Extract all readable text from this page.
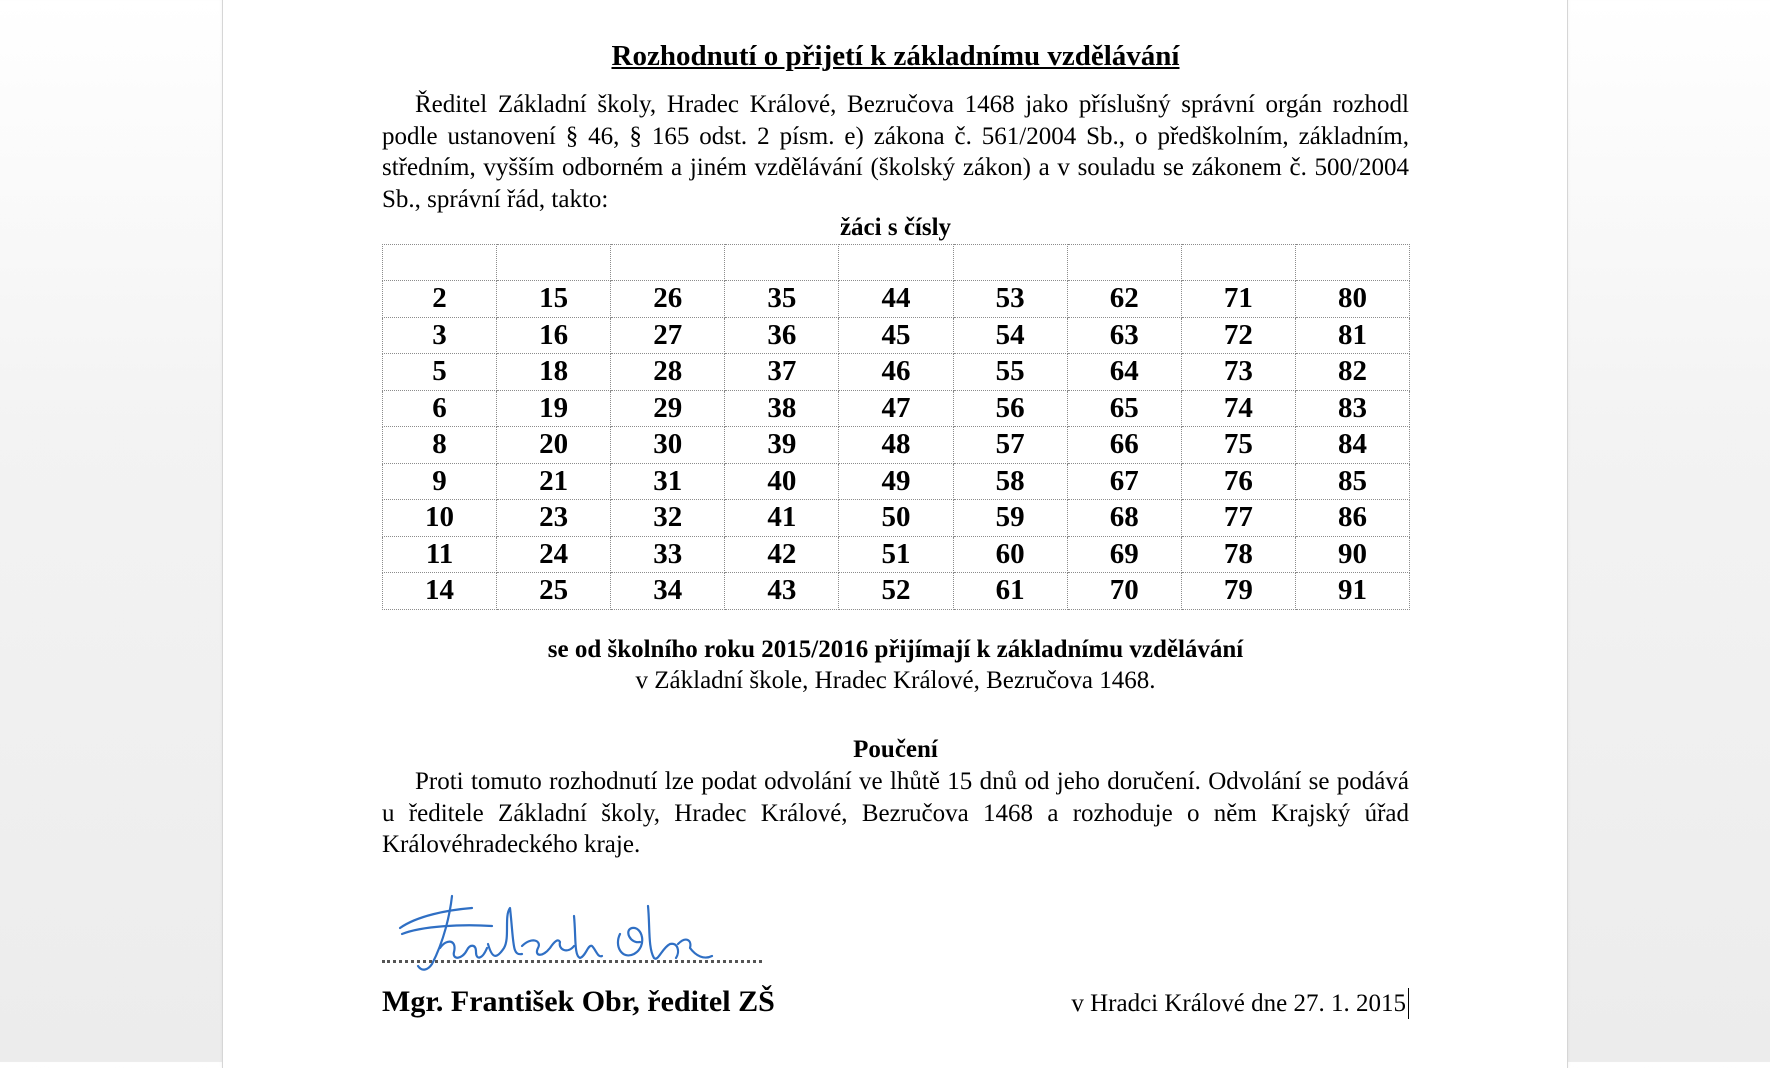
Rozhodnutí o přijetí k základnímu vzdělávání

Ředitel Základní školy, Hradec Králové, Bezručova 1468 jako příslušný správní orgán rozhodl podle ustanovení § 46, § 165 odst. 2 písm. e) zákona č. 561/2004 Sb., o předškolním, základním, středním, vyšším odborném a jiném vzdělávání (školský zákon) a v souladu se zákonem č. 500/2004 Sb., správní řád, takto:

žáci s čísly

2	15	26	35	44	53	62	71	80
3	16	27	36	45	54	63	72	81
5	18	28	37	46	55	64	73	82
6	19	29	38	47	56	65	74	83
8	20	30	39	48	57	66	75	84
9	21	31	40	49	58	67	76	85
10	23	32	41	50	59	68	77	86
11	24	33	42	51	60	69	78	90
14	25	34	43	52	61	70	79	91

se od školního roku 2015/2016 přijímají k základnímu vzdělávání

v Základní škole, Hradec Králové, Bezručova 1468.

Poučení

Proti tomuto rozhodnutí lze podat odvolání ve lhůtě 15 dnů od jeho doručení. Odvolání se podává u ředitele Základní školy, Hradec Králové, Bezručova 1468 a rozhoduje o něm Krajský úřad Královéhradeckého kraje.

Mgr. František Obr, ředitel ZŠ	v Hradci Králové dne 27. 1. 2015
